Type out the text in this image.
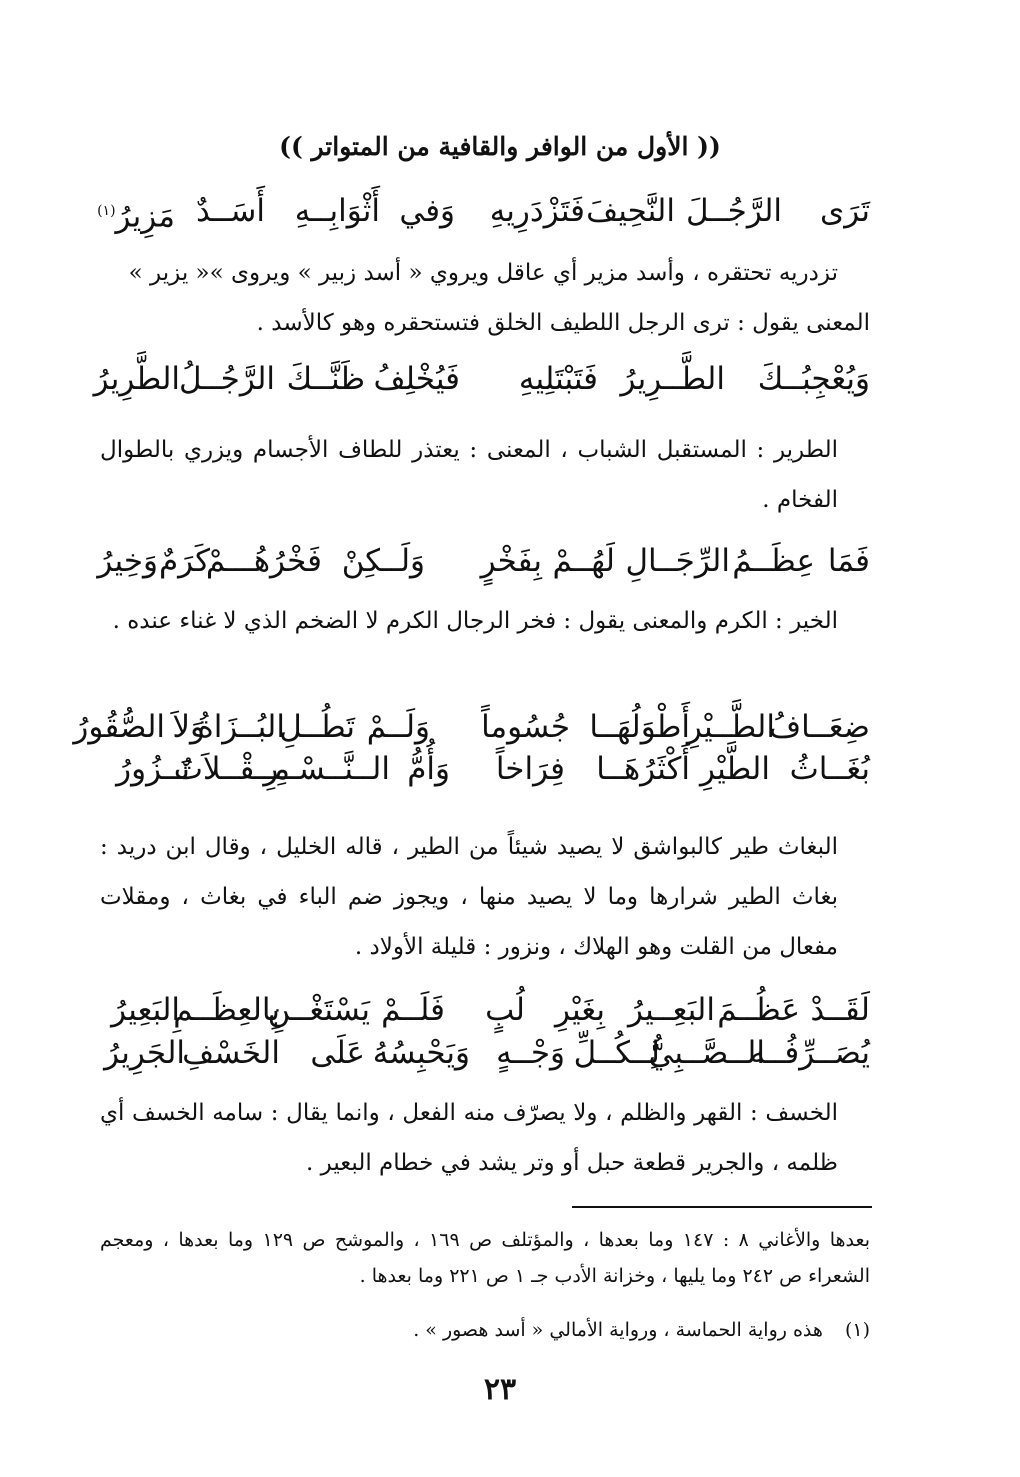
(( الأول من الوافر والقافية من المتواتر ))
تَرَى
الرَّجُــلَ
النَّحِيفَ
فَتَزْدَرِيهِ
وَفي
أَثْوَابِــهِ
أَسَــدٌ
مَزِيرُ$^{(١)}$
تزدريه تحتقره ، وأسد مزير أي عاقل ويروي « أسد زبير » ويروى »« يزير »
المعنى يقول : ترى الرجل اللطيف الخلق فتستحقره وهو كالأسد .
وَيُعْجِبُــكَ
الطَّــرِيرُ
فَتَبْتَلِيهِ
فَيُخْلِفُ
ظَنَّــكَ
الرَّجُــلُ
الطَّرِيرُ
الطرير : المستقبل الشباب ، المعنى : يعتذر للطاف الأجسام ويزري بالطوال الفخام .
فَمَا
عِظَــمُ
الرِّجَــالِ
لَهُــمْ
بِفَخْرٍ
وَلَــكِنْ
فَخْرُهُـــمْ
كَرَمٌ
وَخِيرُ
الخير : الكرم والمعنى يقول : فخر الرجال الكرم لا الضخم الذي لا غناء عنده .
ضِعَــافُ
الطَّــيْرِ
أَطْوَلُهَــا
جُسُوماً
وَلَــمْ
تَطُــلِ
البُــزَاةُ
وَلاَ
الصُّقُورُ
بُغَــاثُ
الطَّيْرِ
أَكْثَرُهَــا
فِرَاخاً
وَأُمُّ
الــنَّــسْــرِ
مِــقْــلاَتٌ
نَــزُورُ
البغاث طير كالبواشق لا يصيد شيئاً من الطير ، قاله الخليل ، وقال ابن دريد : بغاث الطير شرارها وما لا يصيد منها ، ويجوز ضم الباء في بغاث ، ومقلات مفعال من القلت وهو الهلاك ، ونزور : قليلة الأولاد .
لَقَــدْ
عَظُــمَ
البَعِــيرُ
بِغَيْرِ
لُبٍ
فَلَــمْ
يَسْتَغْــنِ
بِالعِظَــمِ
البَعِيرُ
يُصَــرِّفُــه
الــصَّــبِيُّ
لِــكُــلِّ
وَجْــهٍ
وَيَحْبِسُهُ
عَلَى
الخَسْفِ
الجَرِيرُ
الخسف : القهر والظلم ، ولا يصرّف منه الفعل ، وانما يقال : سامه الخسف أي ظلمه ، والجرير قطعة حبل أو وتر يشد في خطام البعير .
بعدها والأغاني ٨ : ١٤٧ وما بعدها ، والمؤتلف ص ١٦٩ ، والموشح ص ١٢٩ وما بعدها ، ومعجم الشعراء ص ٢٤٢ وما يليها ، وخزانة الأدب جـ ١ ص ٢٢١ وما بعدها .
(١)هذه رواية الحماسة ، ورواية الأمالي « أسد هصور » .
٢٣
